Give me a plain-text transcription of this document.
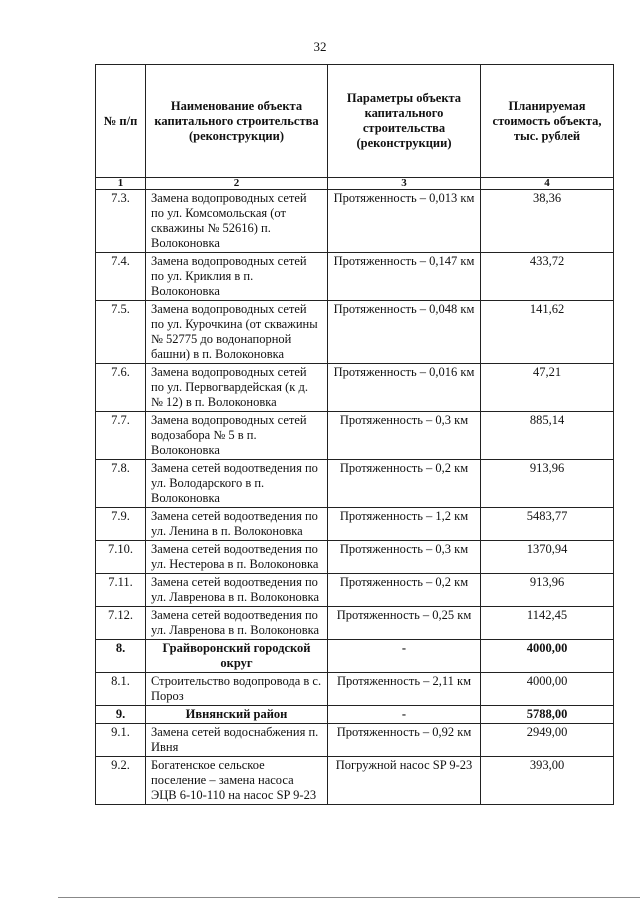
32
№ п/п	Наименование объекта капитального строительства (реконструкции)	Параметры объекта капитального строительства (реконструкции)	Планируемая стоимость объекта, тыс. рублей
1	2	3	4
7.3.	Замена водопроводных сетей по ул. Комсомольская (от скважины № 52616) п. Волоконовка	Протяженность – 0,013 км	38,36
7.4.	Замена водопроводных сетей по ул. Криклия в п. Волоконовка	Протяженность – 0,147 км	433,72
7.5.	Замена водопроводных сетей по ул. Курочкина (от скважины № 52775 до водонапорной башни) в п. Волоконовка	Протяженность – 0,048 км	141,62
7.6.	Замена водопроводных сетей по ул. Первогвардейская (к д. № 12) в п. Волоконовка	Протяженность – 0,016 км	47,21
7.7.	Замена водопроводных сетей водозабора № 5 в п. Волоконовка	Протяженность – 0,3 км	885,14
7.8.	Замена сетей водоотведения по ул. Володарского в п. Волоконовка	Протяженность – 0,2 км	913,96
7.9.	Замена сетей водоотведения по ул. Ленина в п. Волоконовка	Протяженность – 1,2 км	5483,77
7.10.	Замена сетей водоотведения по ул. Нестерова в п. Волоконовка	Протяженность – 0,3 км	1370,94
7.11.	Замена сетей водоотведения по ул. Лавренова в п. Волоконовка	Протяженность – 0,2 км	913,96
7.12.	Замена сетей водоотведения по ул. Лавренова в п. Волоконовка	Протяженность – 0,25 км	1142,45
8.	Грайворонский городской округ	-	4000,00
8.1.	Строительство водопровода в с. Пороз	Протяженность – 2,11 км	4000,00
9.	Ивнянский район	-	5788,00
9.1.	Замена сетей водоснабжения п. Ивня	Протяженность – 0,92 км	2949,00
9.2.	Богатенское сельское поселение – замена насоса ЭЦВ 6-10-110 на насос SP 9-23	Погружной насос SP 9-23	393,00
